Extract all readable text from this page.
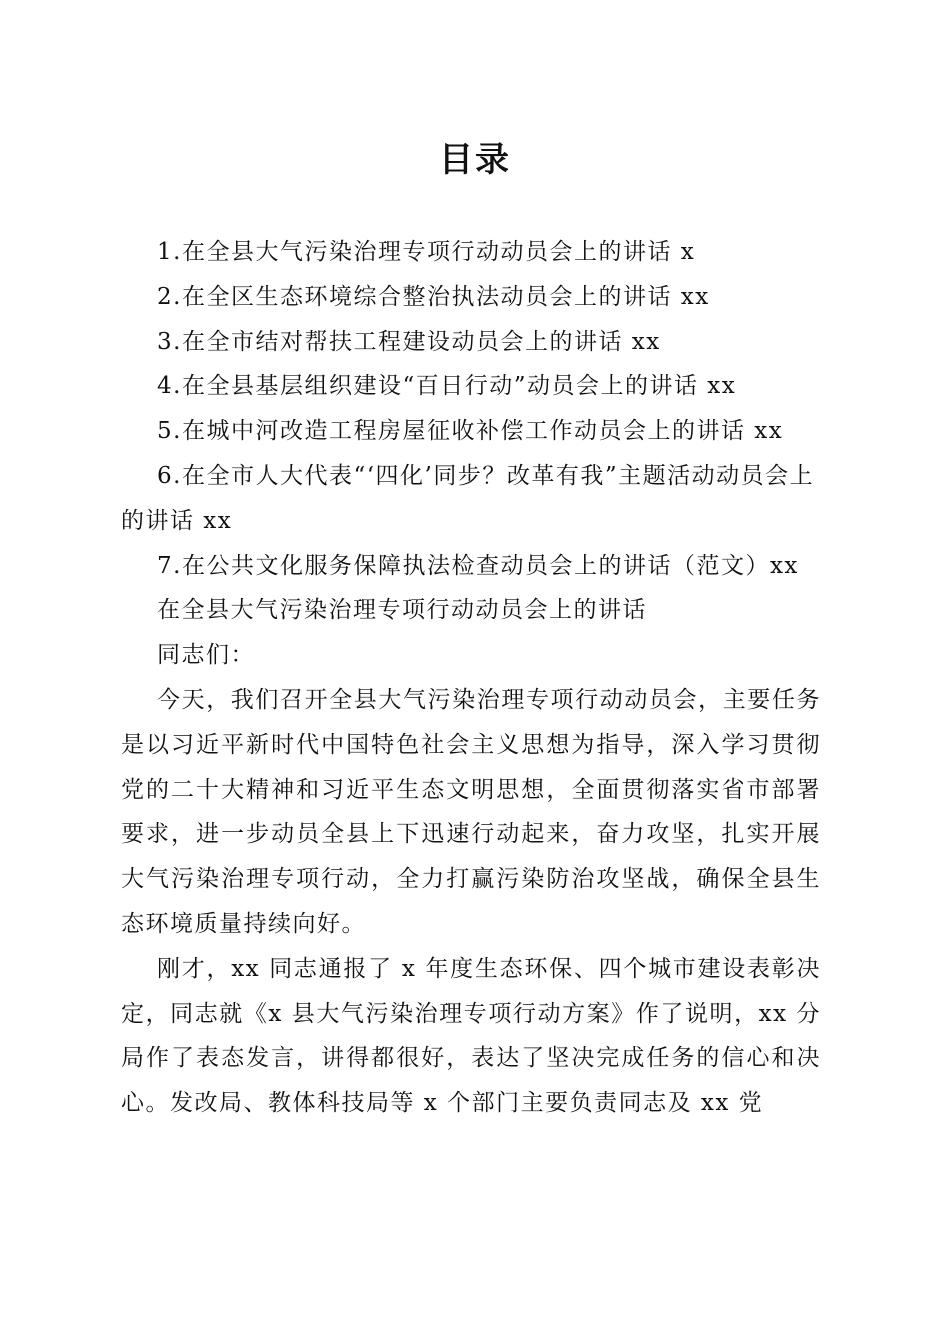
目录

1.在全县大气污染治理专项行动动员会上的讲话 x

2.在全区生态环境综合整治执法动员会上的讲话 xx

3.在全市结对帮扶工程建设动员会上的讲话 xx

4.在全县基层组织建设“百日行动”动员会上的讲话 xx

5.在城中河改造工程房屋征收补偿工作动员会上的讲话 xx

6.在全市人大代表“‘四化’同步？改革有我”主题活动动员会上的讲话 xx

7.在公共文化服务保障执法检查动员会上的讲话（范文）xx

在全县大气污染治理专项行动动员会上的讲话

同志们：

今天，我们召开全县大气污染治理专项行动动员会，主要任务是以习近平新时代中国特色社会主义思想为指导，深入学习贯彻党的二十大精神和习近平生态文明思想，全面贯彻落实省市部署要求，进一步动员全县上下迅速行动起来，奋力攻坚，扎实开展大气污染治理专项行动，全力打赢污染防治攻坚战，确保全县生态环境质量持续向好。

刚才，xx 同志通报了 x 年度生态环保、四个城市建设表彰决定，同志就《x 县大气污染治理专项行动方案》作了说明，xx 分局作了表态发言，讲得都很好，表达了坚决完成任务的信心和决心。发改局、教体科技局等 x 个部门主要负责同志及 xx 党
